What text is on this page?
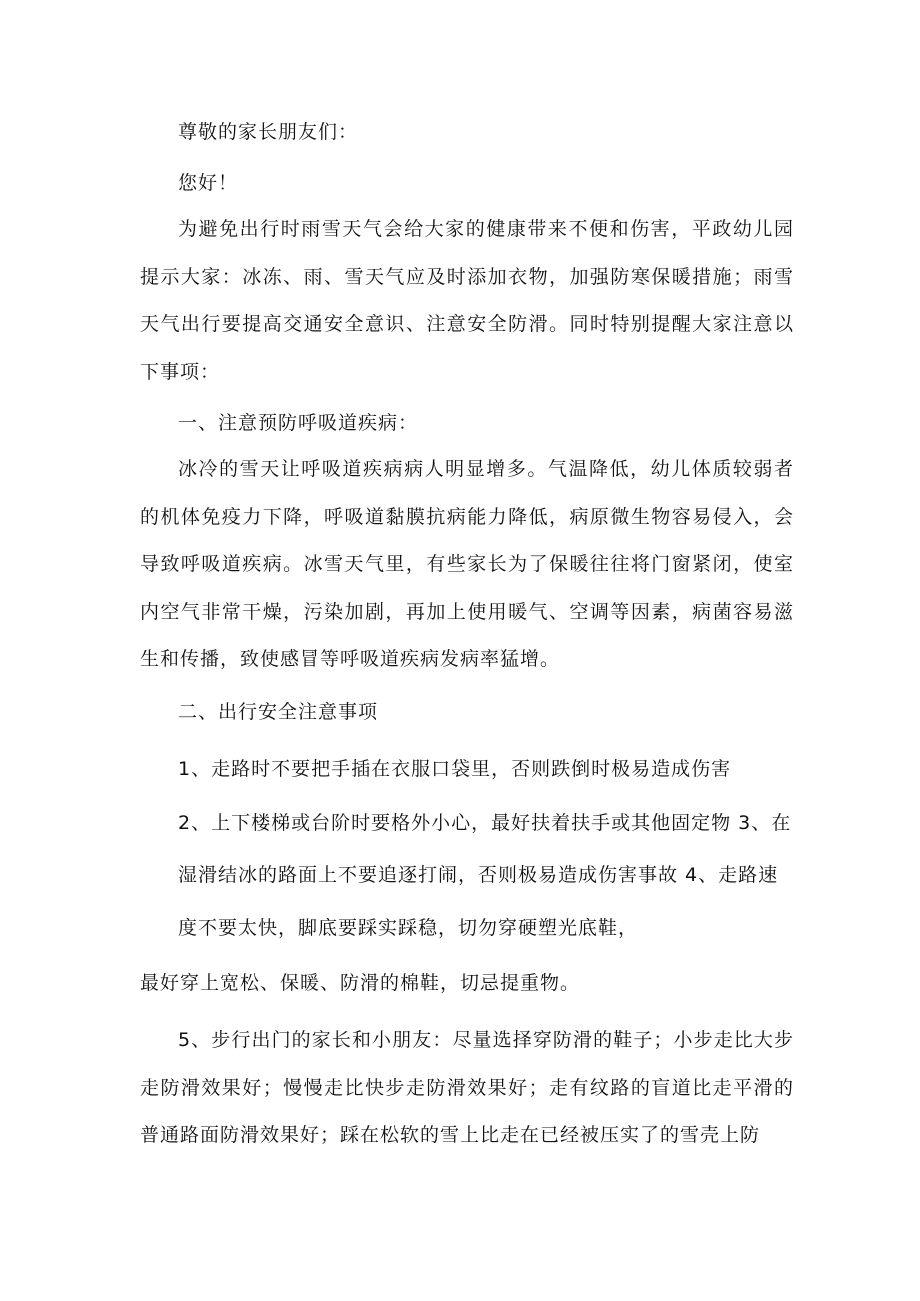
尊敬的家长朋友们：

您好！

为避免出行时雨雪天气会给大家的健康带来不便和伤害，平政幼儿园提示大家：冰冻、雨、雪天气应及时添加衣物，加强防寒保暖措施；雨雪天气出行要提高交通安全意识、注意安全防滑。同时特别提醒大家注意以下事项：

一、注意预防呼吸道疾病：

冰冷的雪天让呼吸道疾病病人明显增多。气温降低，幼儿体质较弱者的机体免疫力下降，呼吸道黏膜抗病能力降低，病原微生物容易侵入，会导致呼吸道疾病。冰雪天气里，有些家长为了保暖往往将门窗紧闭，使室内空气非常干燥，污染加剧，再加上使用暖气、空调等因素，病菌容易滋生和传播，致使感冒等呼吸道疾病发病率猛增。

二、出行安全注意事项

1、走路时不要把手插在衣服口袋里，否则跌倒时极易造成伤害

2、上下楼梯或台阶时要格外小心，最好扶着扶手或其他固定物 3、在

湿滑结冰的路面上不要追逐打闹，否则极易造成伤害事故 4、走路速

度不要太快，脚底要踩实踩稳，切勿穿硬塑光底鞋，

最好穿上宽松、保暖、防滑的棉鞋，切忌提重物。

5、步行出门的家长和小朋友：尽量选择穿防滑的鞋子；小步走比大步走防滑效果好；慢慢走比快步走防滑效果好；走有纹路的盲道比走平滑的普通路面防滑效果好；踩在松软的雪上比走在已经被压实了的雪壳上防
